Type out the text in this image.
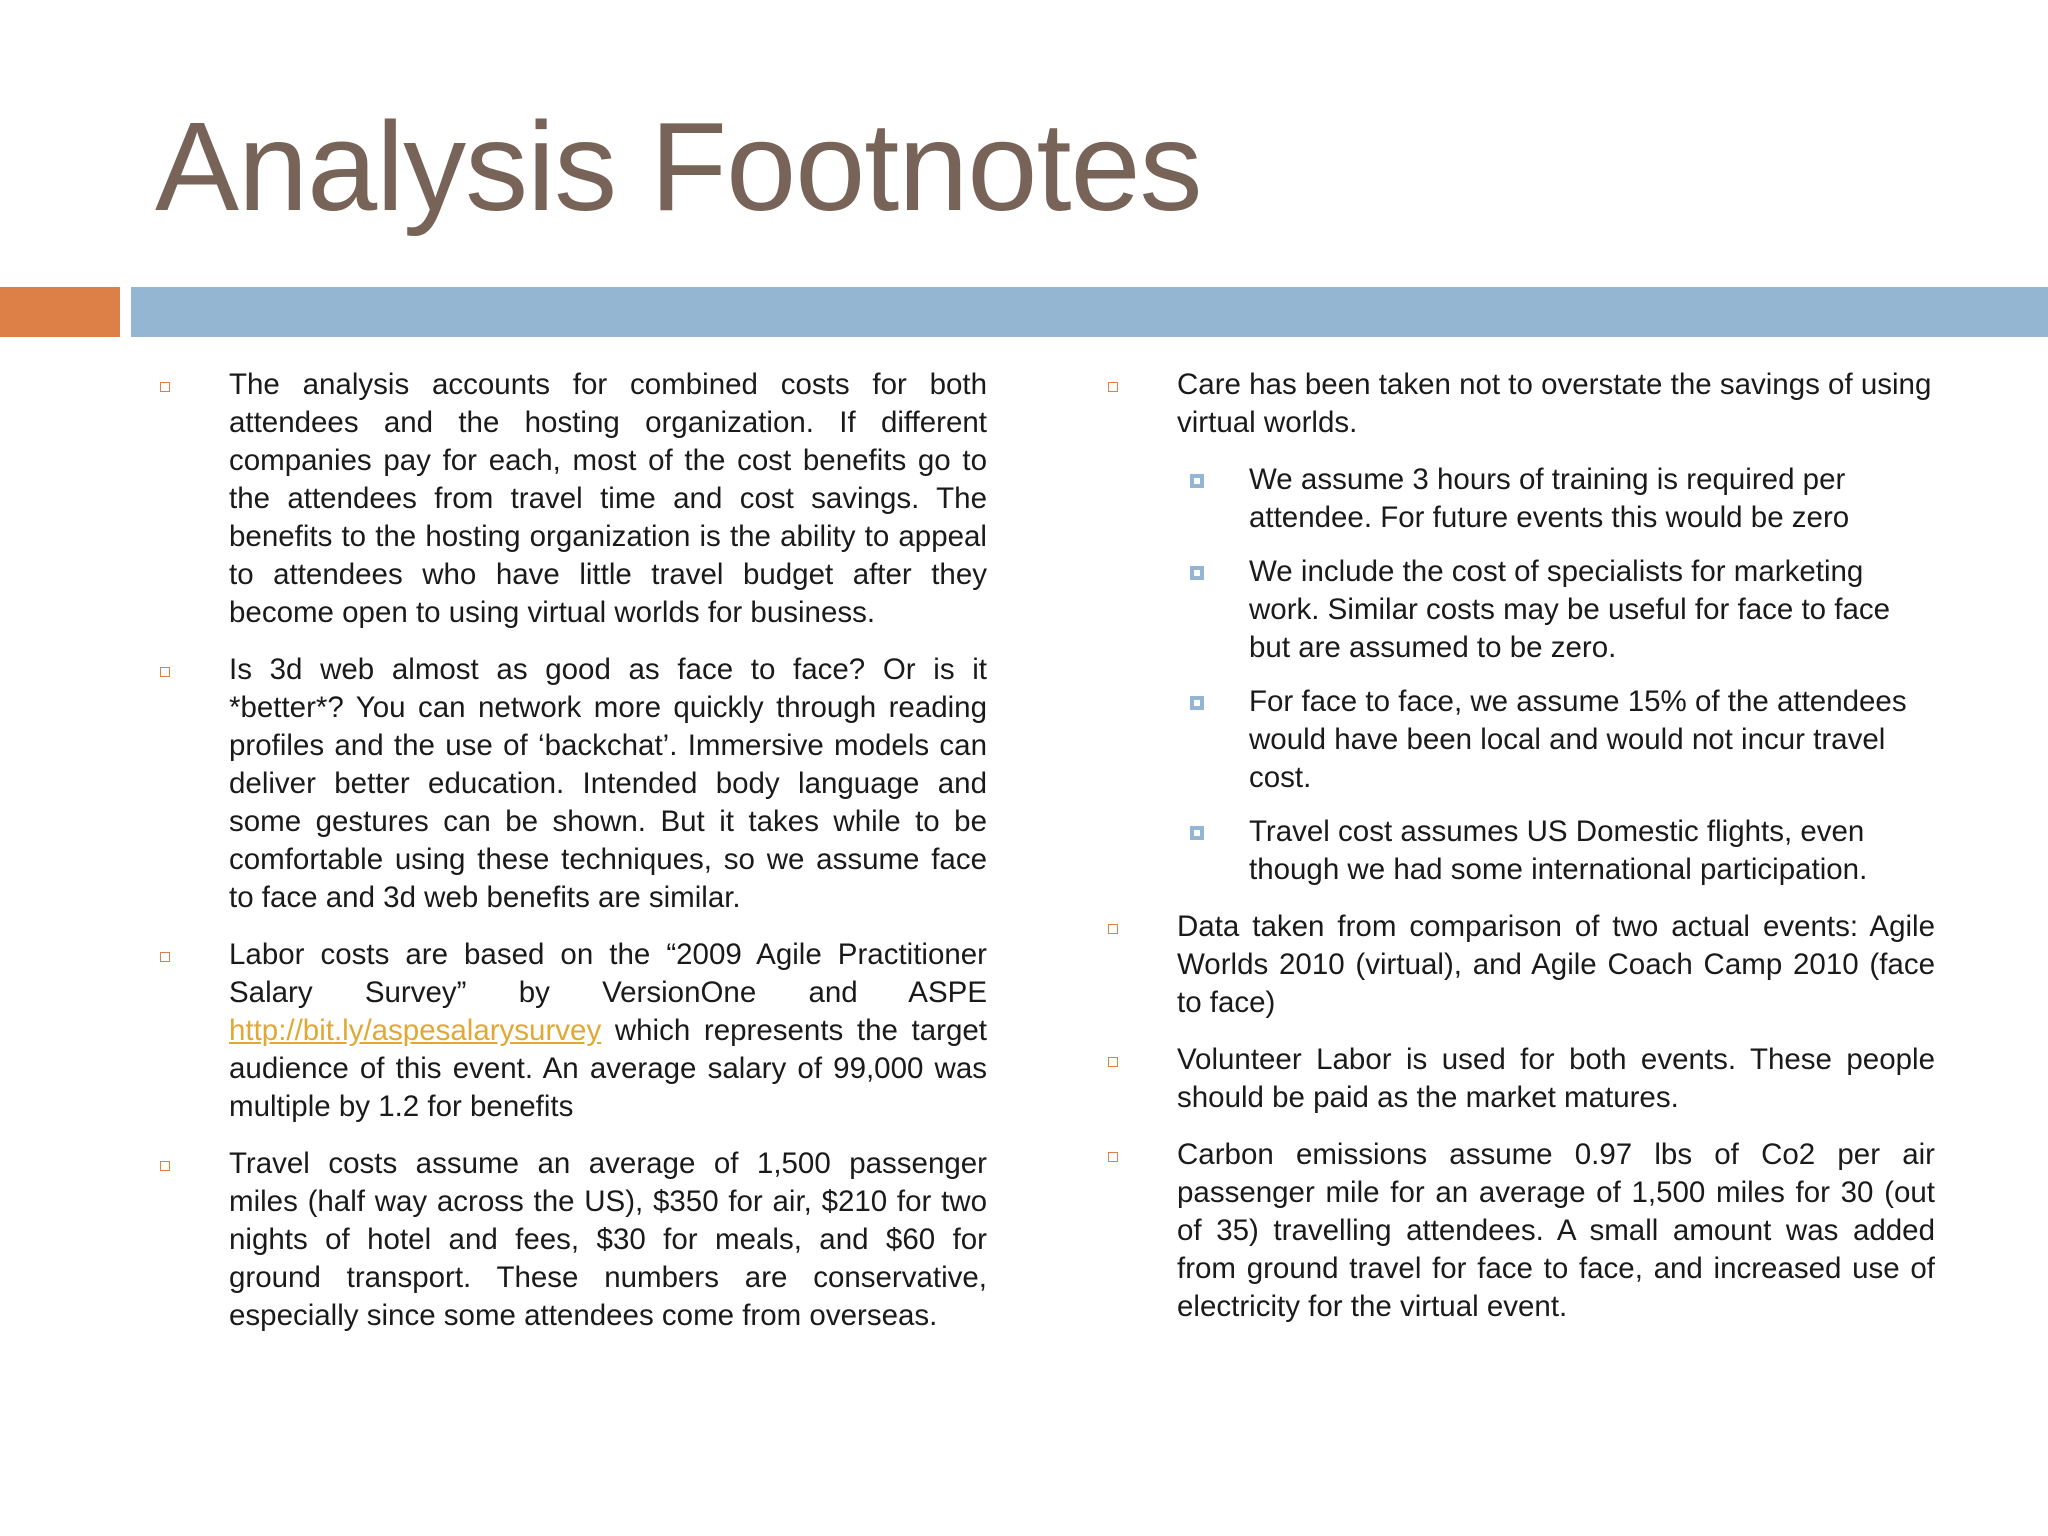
Analysis Footnotes
The analysis accounts for combined costs for both attendees and the hosting organization. If different companies pay for each, most of the cost benefits go to the attendees from travel time and cost savings. The benefits to the hosting organization is the ability to appeal to attendees who have little travel budget after they become open to using virtual worlds for business.
Is 3d web almost as good as face to face? Or is it *better*? You can network more quickly through reading profiles and the use of ‘backchat’. Immersive models can deliver better education. Intended body language and some gestures can be shown. But it takes while to be comfortable using these techniques, so we assume face to face and 3d web benefits are similar.
Labor costs are based on the “2009 Agile Practitioner Salary Survey” by VersionOne and ASPE http://bit.ly/aspesalarysurvey which represents the target audience of this event. An average salary of 99,000 was multiple by 1.2 for benefits
Travel costs assume an average of 1,500 passenger miles (half way across the US), $350 for air, $210 for two nights of hotel and fees, $30 for meals, and $60 for ground transport. These numbers are conservative, especially since some attendees come from overseas.
Care has been taken not to overstate the savings of using virtual worlds.
We assume 3 hours of training is required per attendee. For future events this would be zero
We include the cost of specialists for marketing work. Similar costs may be useful for face to face but are assumed to be zero.
For face to face, we assume 15% of the attendees would have been local and would not incur travel cost.
Travel cost assumes US Domestic flights, even though we had some international participation.
Data taken from comparison of two actual events: Agile Worlds 2010 (virtual), and Agile Coach Camp 2010 (face to face)
Volunteer Labor is used for both events. These people should be paid as the market matures.
Carbon emissions assume 0.97 lbs of Co2 per air passenger mile for an average of 1,500 miles for 30 (out of 35) travelling attendees. A small amount was added from ground travel for face to face, and increased use of electricity for the virtual event.
